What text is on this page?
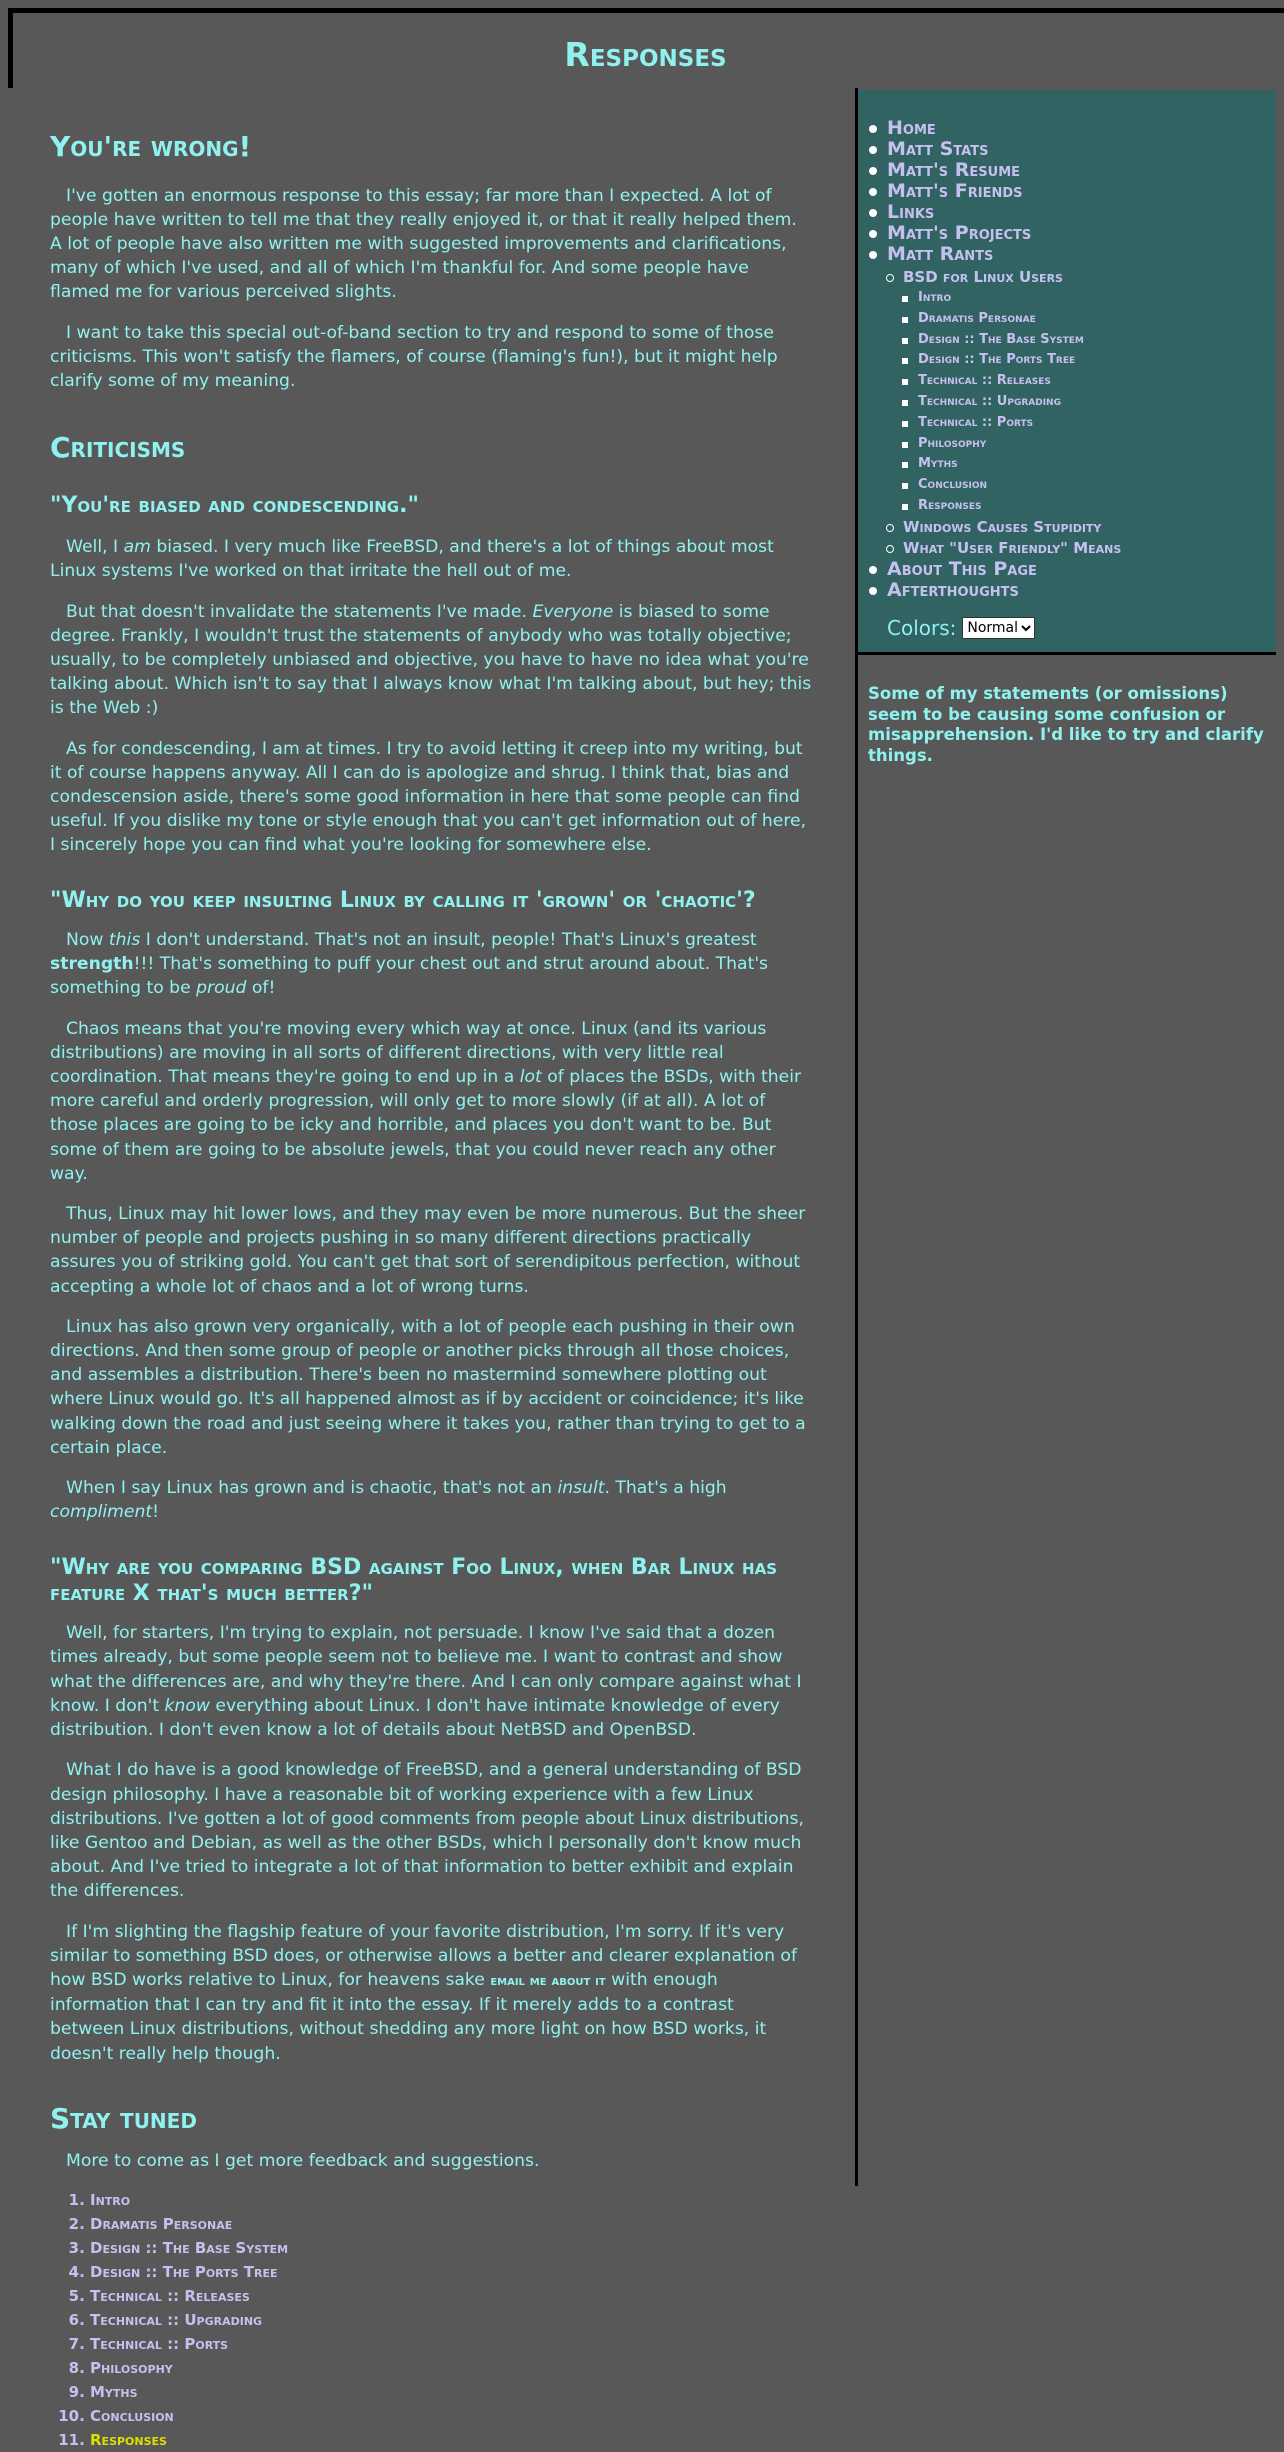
Responses
You're wrong!

I've gotten an enormous response to this essay; far more than I expected. A lot of people have written to tell me that they really enjoyed it, or that it really helped them. A lot of people have also written me with suggested improvements and clarifications, many of which I've used, and all of which I'm thankful for. And some people have flamed me for various perceived slights.

I want to take this special out-of-band section to try and respond to some of those criticisms. This won't satisfy the flamers, of course (flaming's fun!), but it might help clarify some of my meaning.

Criticisms
"You're biased and condescending."

Well, I am biased. I very much like FreeBSD, and there's a lot of things about most Linux systems I've worked on that irritate the hell out of me.

But that doesn't invalidate the statements I've made. Everyone is biased to some degree. Frankly, I wouldn't trust the statements of anybody who was totally objective; usually, to be completely unbiased and objective, you have to have no idea what you're talking about. Which isn't to say that I always know what I'm talking about, but hey; this is the Web :)

As for condescending, I am at times. I try to avoid letting it creep into my writing, but it of course happens anyway. All I can do is apologize and shrug. I think that, bias and condescension aside, there's some good information in here that some people can find useful. If you dislike my tone or style enough that you can't get information out of here, I sincerely hope you can find what you're looking for somewhere else.

"Why do you keep insulting Linux by calling it 'grown' or 'chaotic'?

Now this I don't understand. That's not an insult, people! That's Linux's greatest strength!!! That's something to puff your chest out and strut around about. That's something to be proud of!

Chaos means that you're moving every which way at once. Linux (and its various distributions) are moving in all sorts of different directions, with very little real coordination. That means they're going to end up in a lot of places the BSDs, with their more careful and orderly progression, will only get to more slowly (if at all). A lot of those places are going to be icky and horrible, and places you don't want to be. But some of them are going to be absolute jewels, that you could never reach any other way.

Thus, Linux may hit lower lows, and they may even be more numerous. But the sheer number of people and projects pushing in so many different directions practically assures you of striking gold. You can't get that sort of serendipitous perfection, without accepting a whole lot of chaos and a lot of wrong turns.

Linux has also grown very organically, with a lot of people each pushing in their own directions. And then some group of people or another picks through all those choices, and assembles a distribution. There's been no mastermind somewhere plotting out where Linux would go. It's all happened almost as if by accident or coincidence; it's like walking down the road and just seeing where it takes you, rather than trying to get to a certain place.

When I say Linux has grown and is chaotic, that's not an insult. That's a high compliment!

"Why are you comparing BSD against Foo Linux, when Bar Linux has feature X that's much better?"

Well, for starters, I'm trying to explain, not persuade. I know I've said that a dozen times already, but some people seem not to believe me. I want to contrast and show what the differences are, and why they're there. And I can only compare against what I know. I don't know everything about Linux. I don't have intimate knowledge of every distribution. I don't even know a lot of details about NetBSD and OpenBSD.

What I do have is a good knowledge of FreeBSD, and a general understanding of BSD design philosophy. I have a reasonable bit of working experience with a few Linux distributions. I've gotten a lot of good comments from people about Linux distributions, like Gentoo and Debian, as well as the other BSDs, which I personally don't know much about. And I've tried to integrate a lot of that information to better exhibit and explain the differences.

If I'm slighting the flagship feature of your favorite distribution, I'm sorry. If it's very similar to something BSD does, or otherwise allows a better and clearer explanation of how BSD works relative to Linux, for heavens sake email me about it with enough information that I can try and fit it into the essay. If it merely adds to a contrast between Linux distributions, without shedding any more light on how BSD works, it doesn't really help though.

Stay tuned

More to come as I get more feedback and suggestions.

1. Intro
2. Dramatis Personae
3. Design :: The Base System
4. Design :: The Ports Tree
5. Technical :: Releases
6. Technical :: Upgrading
7. Technical :: Ports
8. Philosophy
9. Myths
10. Conclusion
11. Responses
Home
Matt Stats
Matt's Resume
Matt's Friends
Links
Matt's Projects
Matt Rants
BSD for Linux Users
Intro
Dramatis Personae
Design :: The Base System
Design :: The Ports Tree
Technical :: Releases
Technical :: Upgrading
Technical :: Ports
Philosophy
Myths
Conclusion
Responses
Windows Causes Stupidity
What "User Friendly" Means
About This Page
Afterthoughts
Colors:
Normal
Some of my statements (or omissions) seem to be causing some confusion or misapprehension. I'd like to try and clarify things.
